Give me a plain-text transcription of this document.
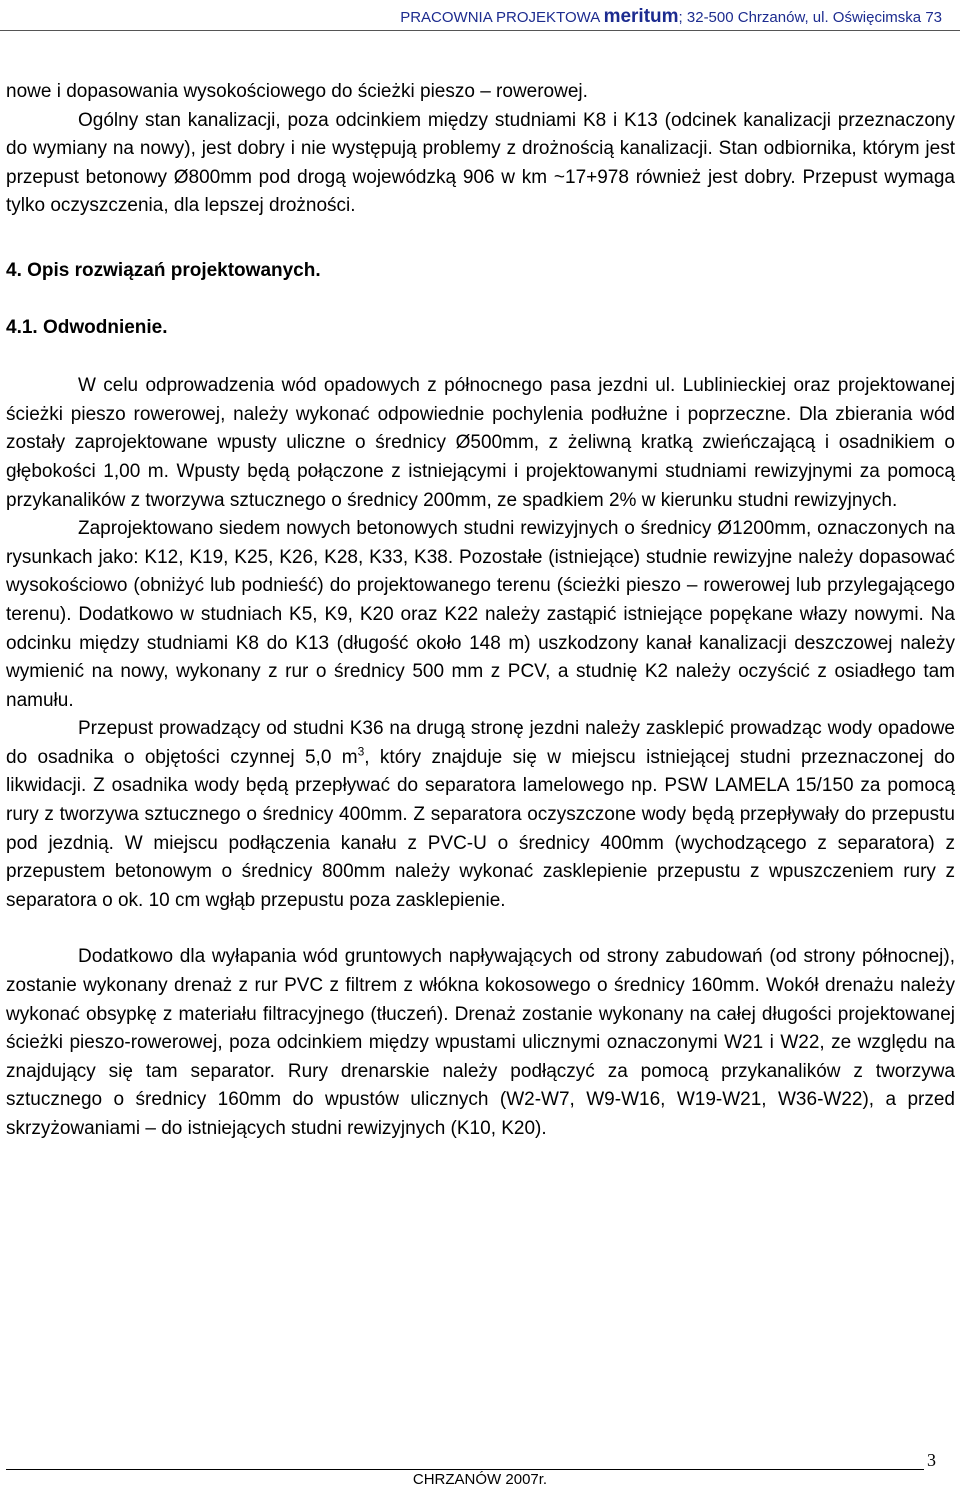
PRACOWNIA PROJEKTOWA meritum; 32-500 Chrzanów, ul. Oświęcimska 73

nowe i dopasowania wysokościowego do ścieżki pieszo – rowerowej.

Ogólny stan kanalizacji, poza odcinkiem między studniami K8 i K13 (odcinek kanalizacji przeznaczony do wymiany na nowy), jest dobry i nie występują problemy z drożnością kanalizacji. Stan odbiornika, którym jest przepust betonowy Ø800mm pod drogą wojewódzką 906 w km ~17+978 również jest dobry. Przepust wymaga tylko oczyszczenia, dla lepszej drożności.

4. Opis rozwiązań projektowanych.
4.1. Odwodnienie.

W celu odprowadzenia wód opadowych z północnego pasa jezdni ul. Lublinieckiej oraz projektowanej ścieżki pieszo rowerowej, należy wykonać odpowiednie pochylenia podłużne i poprzeczne. Dla zbierania wód zostały zaprojektowane wpusty uliczne o średnicy Ø500mm, z żeliwną kratką zwieńczającą i osadnikiem o głębokości 1,00 m. Wpusty będą połączone z istniejącymi i projektowanymi studniami rewizyjnymi za pomocą przykanalików z tworzywa sztucznego o średnicy 200mm, ze spadkiem 2% w kierunku studni rewizyjnych.

Zaprojektowano siedem nowych betonowych studni rewizyjnych o średnicy Ø1200mm, oznaczonych na rysunkach jako: K12, K19, K25, K26, K28, K33, K38. Pozostałe (istniejące) studnie rewizyjne należy dopasować wysokościowo (obniżyć lub podnieść) do projektowanego terenu (ścieżki pieszo – rowerowej lub przylegającego terenu). Dodatkowo w studniach K5, K9, K20 oraz K22 należy zastąpić istniejące popękane włazy nowymi. Na odcinku między studniami K8 do K13 (długość około 148 m) uszkodzony kanał kanalizacji deszczowej należy wymienić na nowy, wykonany z rur o średnicy 500 mm z PCV, a studnię K2 należy oczyścić z osiadłego tam namułu.

Przepust prowadzący od studni K36 na drugą stronę jezdni należy zasklepić prowadząc wody opadowe do osadnika o objętości czynnej 5,0 $m^3$, który znajduje się w miejscu istniejącej studni przeznaczonej do likwidacji. Z osadnika wody będą przepływać do separatora lamelowego np. PSW LAMELA 15/150 za pomocą rury z tworzywa sztucznego o średnicy 400mm. Z separatora oczyszczone wody będą przepływały do przepustu pod jezdnią. W miejscu podłączenia kanału z PVC-U o średnicy 400mm (wychodzącego z separatora) z przepustem betonowym o średnicy 800mm należy wykonać zasklepienie przepustu z wpuszczeniem rury z separatora o ok. 10 cm wgłąb przepustu poza zasklepienie.

Dodatkowo dla wyłapania wód gruntowych napływających od strony zabudowań (od strony północnej), zostanie wykonany drenaż z rur PVC z filtrem z włókna kokosowego o średnicy 160mm. Wokół drenażu należy wykonać obsypkę z materiału filtracyjnego (tłuczeń). Drenaż zostanie wykonany na całej długości projektowanej ścieżki pieszo-rowerowej, poza odcinkiem między wpustami ulicznymi oznaczonymi W21 i W22, ze względu na znajdujący się tam separator. Rury drenarskie należy podłączyć za pomocą przykanalików z tworzywa sztucznego o średnicy 160mm do wpustów ulicznych (W2-W7, W9-W16, W19-W21, W36-W22), a przed skrzyżowaniami – do istniejących studni rewizyjnych (K10, K20).

3
CHRZANÓW 2007r.
